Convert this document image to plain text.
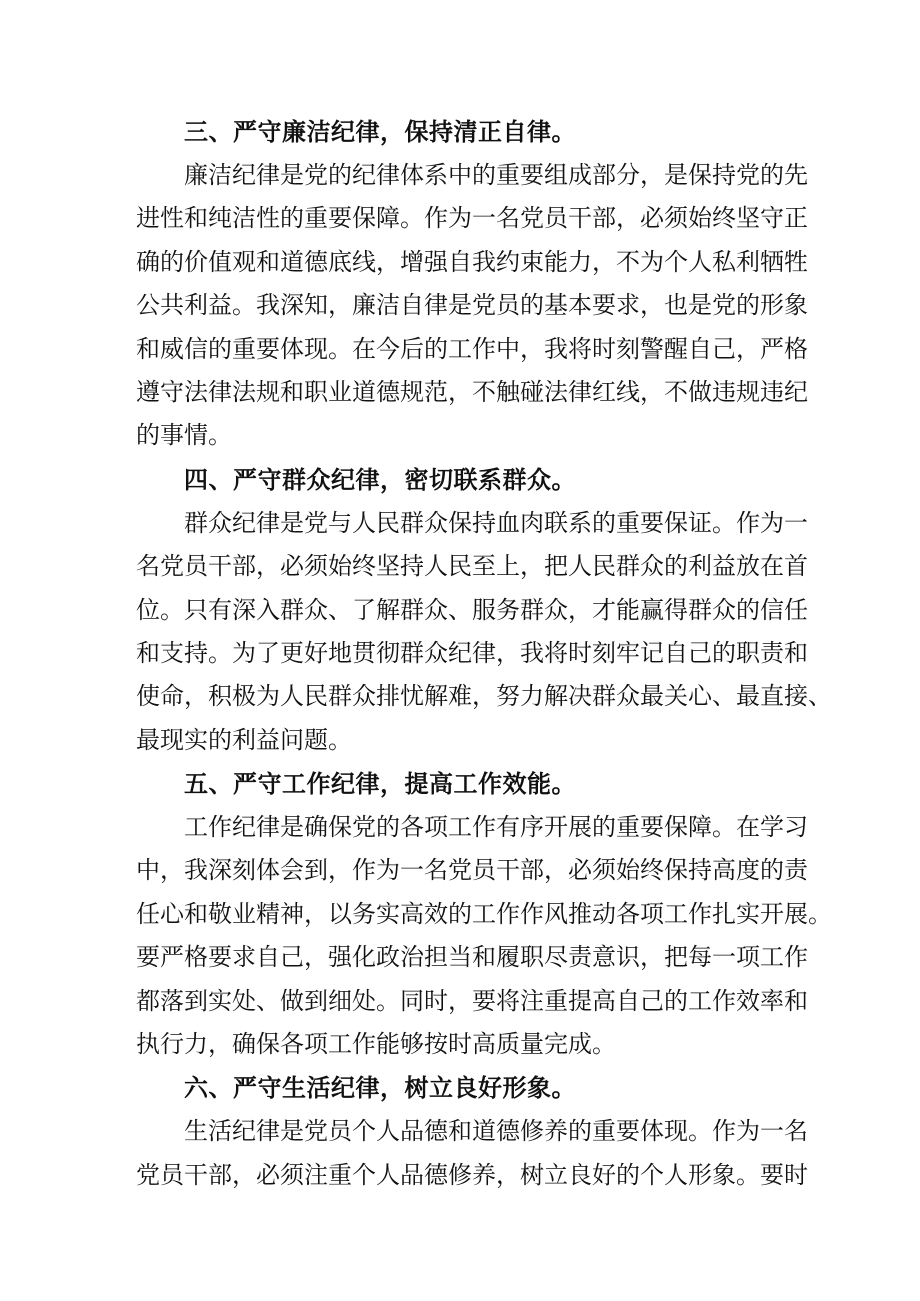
三、严守廉洁纪律，保持清正自律。

廉洁纪律是党的纪律体系中的重要组成部分，是保持党的先
进性和纯洁性的重要保障。作为一名党员干部，必须始终坚守正
确的价值观和道德底线，增强自我约束能力，不为个人私利牺牲
公共利益。我深知，廉洁自律是党员的基本要求，也是党的形象
和威信的重要体现。在今后的工作中，我将时刻警醒自己，严格
遵守法律法规和职业道德规范，不触碰法律红线，不做违规违纪
的事情。

四、严守群众纪律，密切联系群众。

群众纪律是党与人民群众保持血肉联系的重要保证。作为一
名党员干部，必须始终坚持人民至上，把人民群众的利益放在首
位。只有深入群众、了解群众、服务群众，才能赢得群众的信任
和支持。为了更好地贯彻群众纪律，我将时刻牢记自己的职责和
使命，积极为人民群众排忧解难，努力解决群众最关心、最直接、
最现实的利益问题。

五、严守工作纪律，提高工作效能。

工作纪律是确保党的各项工作有序开展的重要保障。在学习
中，我深刻体会到，作为一名党员干部，必须始终保持高度的责
任心和敬业精神，以务实高效的工作作风推动各项工作扎实开展。
要严格要求自己，强化政治担当和履职尽责意识，把每一项工作
都落到实处、做到细处。同时，要将注重提高自己的工作效率和
执行力，确保各项工作能够按时高质量完成。

六、严守生活纪律，树立良好形象。

生活纪律是党员个人品德和道德修养的重要体现。作为一名
党员干部，必须注重个人品德修养，树立良好的个人形象。要时
